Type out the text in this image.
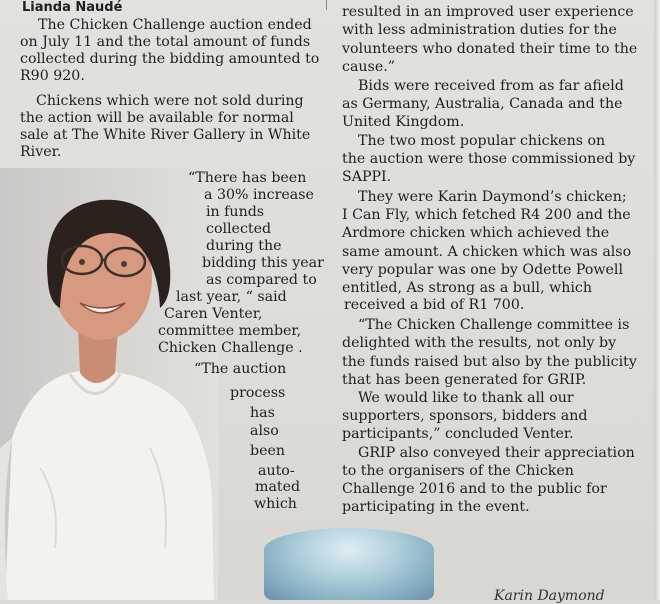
Lianda Naudé
The Chicken Challenge auction ended
on July 11 and the total amount of funds
collected during the bidding amounted to
R90 920.
Chickens which were not sold during
the action will be available for normal
sale at The White River Gallery in White
River.
“There has been
a 30% increase
in funds
collected
during the
bidding this year
as compared to
last year, “ said
Caren Venter,
committee member,
Chicken Challenge .
“The auction
process
has
also
been
auto-
mated
which
resulted in an improved user experience
with less administration duties for the
volunteers who donated their time to the
cause.”
Bids were received from as far afield
as Germany, Australia, Canada and the
United Kingdom.
The two most popular chickens on
the auction were those commissioned by
SAPPI.
They were Karin Daymond’s chicken;
I Can Fly, which fetched R4 200 and the
Ardmore chicken which achieved the
same amount. A chicken which was also
very popular was one by Odette Powell
entitled, As strong as a bull, which
received a bid of R1 700.
“The Chicken Challenge committee is
delighted with the results, not only by
the funds raised but also by the publicity
that has been generated for GRIP.
We would like to thank all our
supporters, sponsors, bidders and
participants,” concluded Venter.
GRIP also conveyed their appreciation
to the organisers of the Chicken
Challenge 2016 and to the public for
participating in the event.
Karin Daymond
